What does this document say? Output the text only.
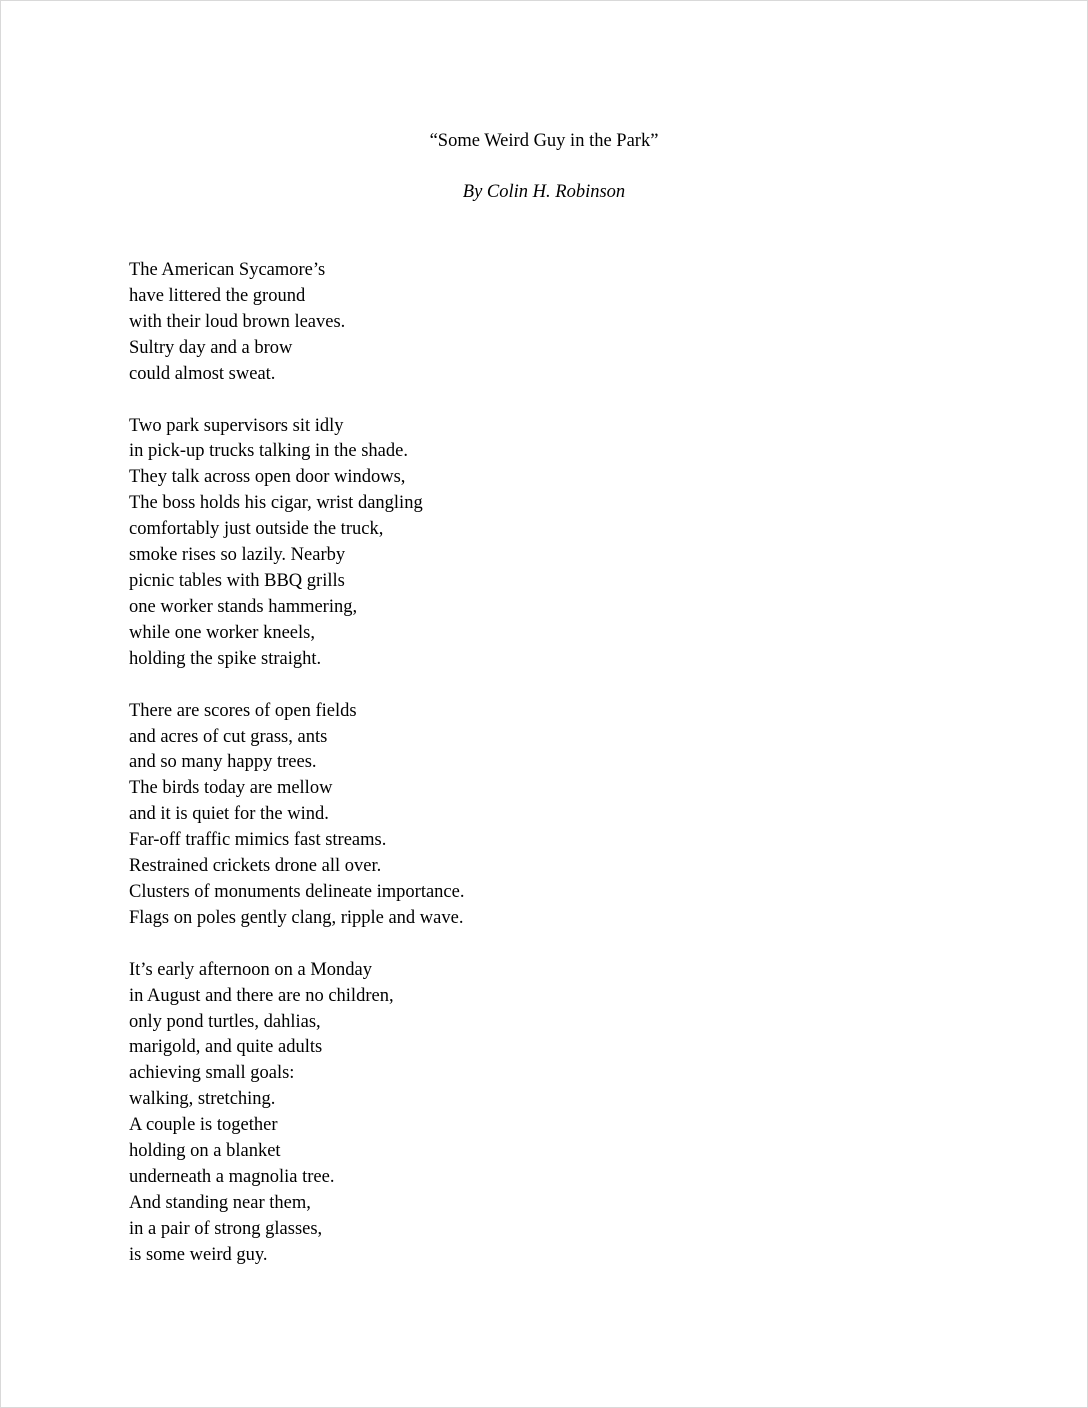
“Some Weird Guy in the Park”
By Colin H. Robinson
The American Sycamore’s
have littered the ground
with their loud brown leaves.
Sultry day and a brow
could almost sweat.
Two park supervisors sit idly
in pick-up trucks talking in the shade.
They talk across open door windows,
The boss holds his cigar, wrist dangling
comfortably just outside the truck,
smoke rises so lazily. Nearby
picnic tables with BBQ grills
one worker stands hammering,
while one worker kneels,
holding the spike straight.
There are scores of open fields
and acres of cut grass, ants
and so many happy trees.
The birds today are mellow
and it is quiet for the wind.
Far-off traffic mimics fast streams.
Restrained crickets drone all over.
Clusters of monuments delineate importance.
Flags on poles gently clang, ripple and wave.
It’s early afternoon on a Monday
in August and there are no children,
only pond turtles, dahlias,
marigold, and quite adults
achieving small goals:
walking, stretching.
A couple is together
holding on a blanket
underneath a magnolia tree.
And standing near them,
in a pair of strong glasses,
is some weird guy.
